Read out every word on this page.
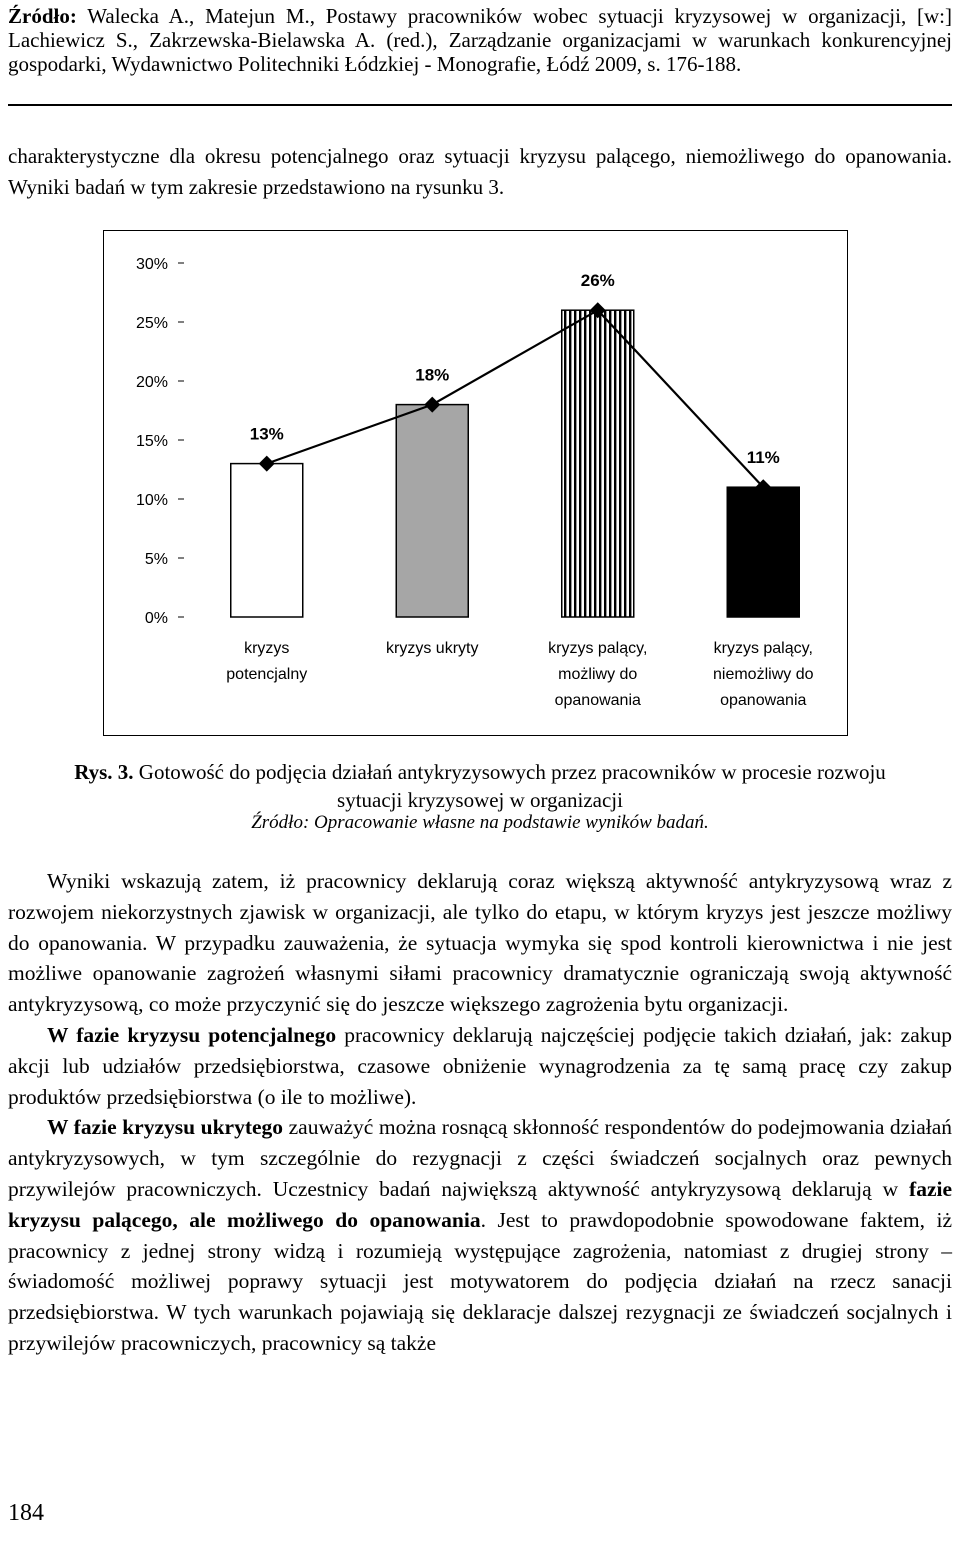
Źródło: Walecka A., Matejun M., Postawy pracowników wobec sytuacji kryzysowej w organizacji, [w:] Lachiewicz S., Zakrzewska-Bielawska A. (red.), Zarządzanie organizacjami w warunkach konkurencyjnej gospodarki, Wydawnictwo Politechniki Łódzkiej - Monografie, Łódź 2009, s. 176-188.
charakterystyczne dla okresu potencjalnego oraz sytuacji kryzysu palącego, niemożliwego do opanowania. Wyniki badań w tym zakresie przedstawiono na rysunku 3.
0%
5%
10%
15%
20%
25%
30%
kryzys potencjalny
kryzys ukryty	kryzys palący, możliwy do opanowania
kryzys palący, niemożliwy do opanowania
13%
18%
26%
11%
Rys. 3. Gotowość do podjęcia działań antykryzysowych przez pracowników w procesie rozwoju
sytuacji kryzysowej w organizacji
Źródło: Opracowanie własne na podstawie wyników badań.

Wyniki wskazują zatem, iż pracownicy deklarują coraz większą aktywność antykryzysową wraz z rozwojem niekorzystnych zjawisk w organizacji, ale tylko do etapu, w którym kryzys jest jeszcze możliwy do opanowania. W przypadku zauważenia, że sytuacja wymyka się spod kontroli kierownictwa i nie jest możliwe opanowanie zagrożeń własnymi siłami pracownicy dramatycznie ograniczają swoją aktywność antykryzysową, co może przyczynić się do jeszcze większego zagrożenia bytu organizacji.

W fazie kryzysu potencjalnego pracownicy deklarują najczęściej podjęcie takich działań, jak: zakup akcji lub udziałów przedsiębiorstwa, czasowe obniżenie wynagrodzenia za tę samą pracę czy zakup produktów przedsiębiorstwa (o ile to możliwe).

W fazie kryzysu ukrytego zauważyć można rosnącą skłonność respondentów do podejmowania działań antykryzysowych, w tym szczególnie do rezygnacji z części świadczeń socjalnych oraz pewnych przywilejów pracowniczych. Uczestnicy badań największą aktywność antykryzysową deklarują w fazie kryzysu palącego, ale możliwego do opanowania. Jest to prawdopodobnie spowodowane faktem, iż pracownicy z jednej strony widzą i rozumieją występujące zagrożenia, natomiast z drugiej strony – świadomość możliwej poprawy sytuacji jest motywatorem do podjęcia działań na rzecz sanacji przedsiębiorstwa. W tych warunkach pojawiają się deklaracje dalszej rezygnacji ze świadczeń socjalnych i przywilejów pracowniczych, pracownicy są także

184
